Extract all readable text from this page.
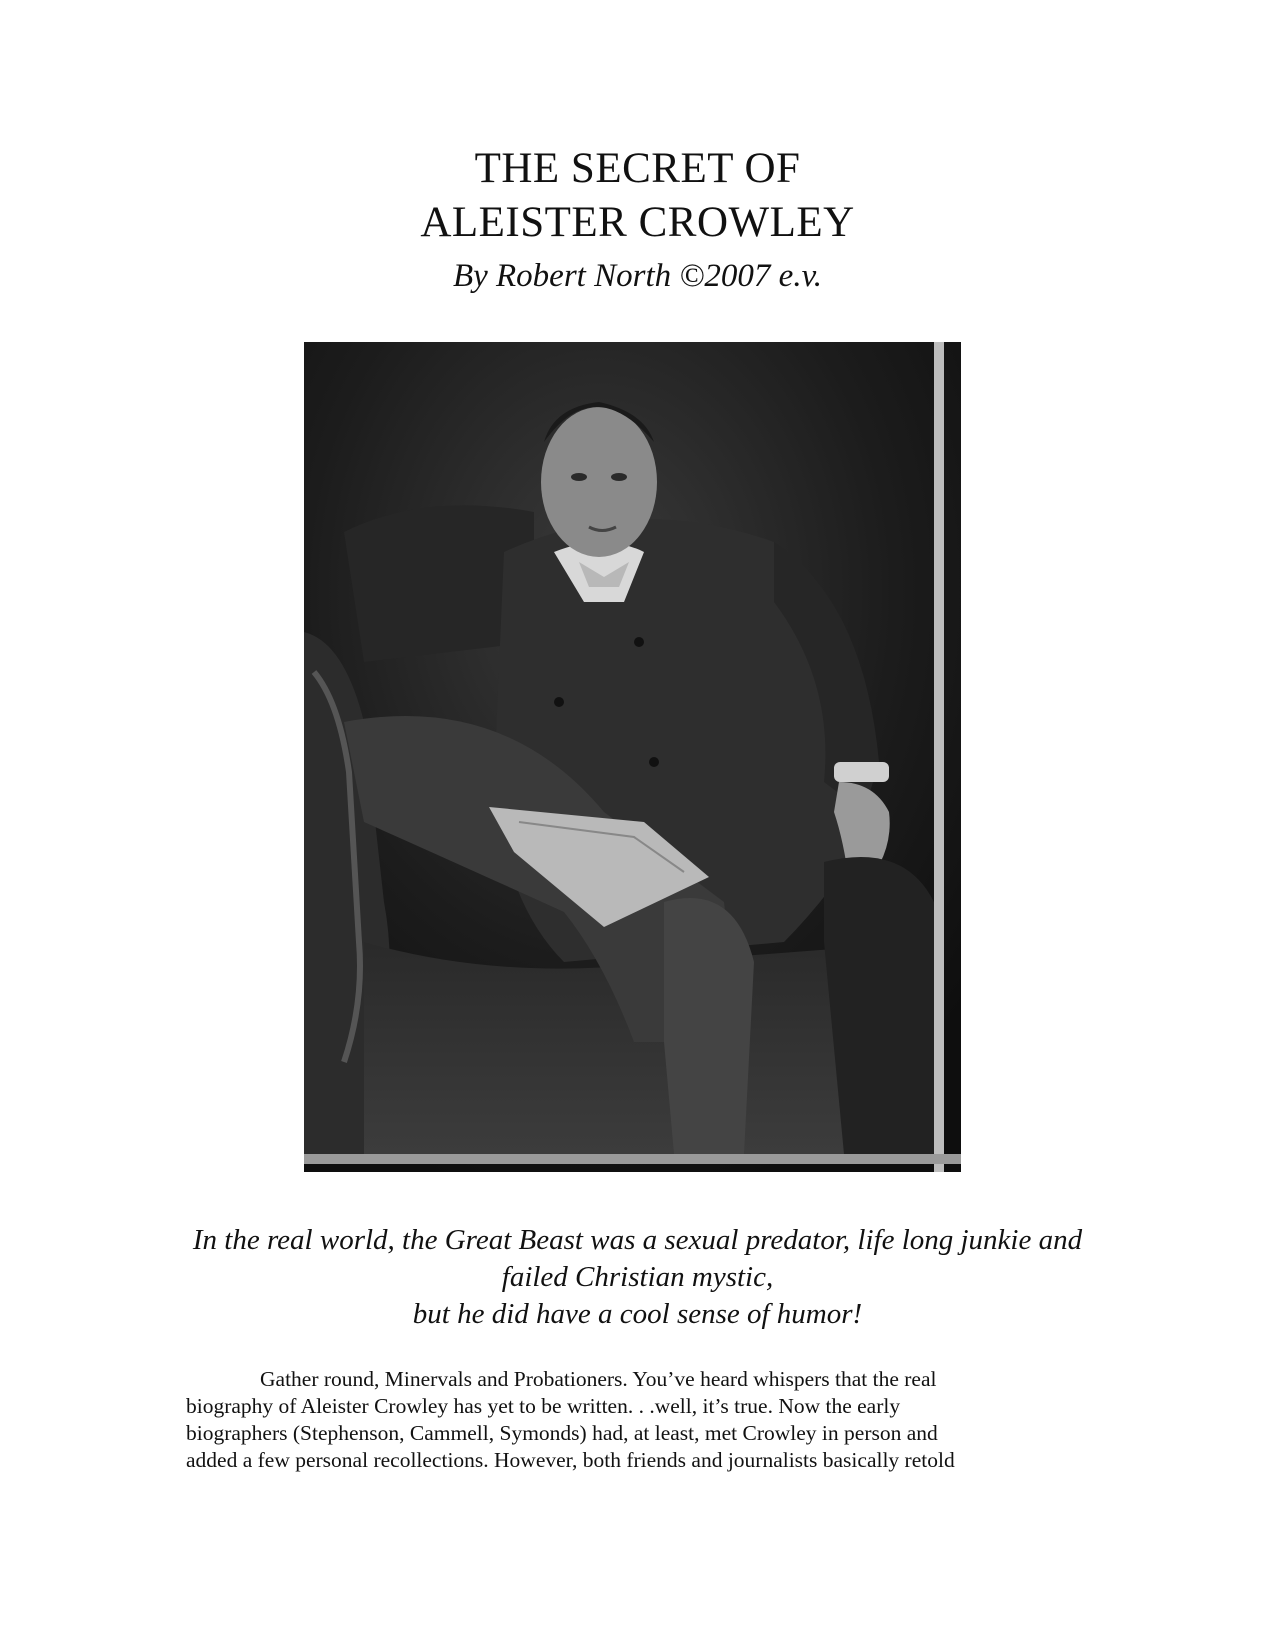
THE SECRET OF
ALEISTER CROWLEY
By Robert North ©2007 e.v.
In the real world, the Great Beast was a sexual predator, life long junkie and
failed Christian mystic,
but he did have a cool sense of humor!
Gather round, Minervals and Probationers. You’ve heard whispers that the real
biography of Aleister Crowley has yet to be written. . .well, it’s true. Now the early
biographers (Stephenson, Cammell, Symonds) had, at least, met Crowley in person and
added a few personal recollections. However, both friends and journalists basically retold
